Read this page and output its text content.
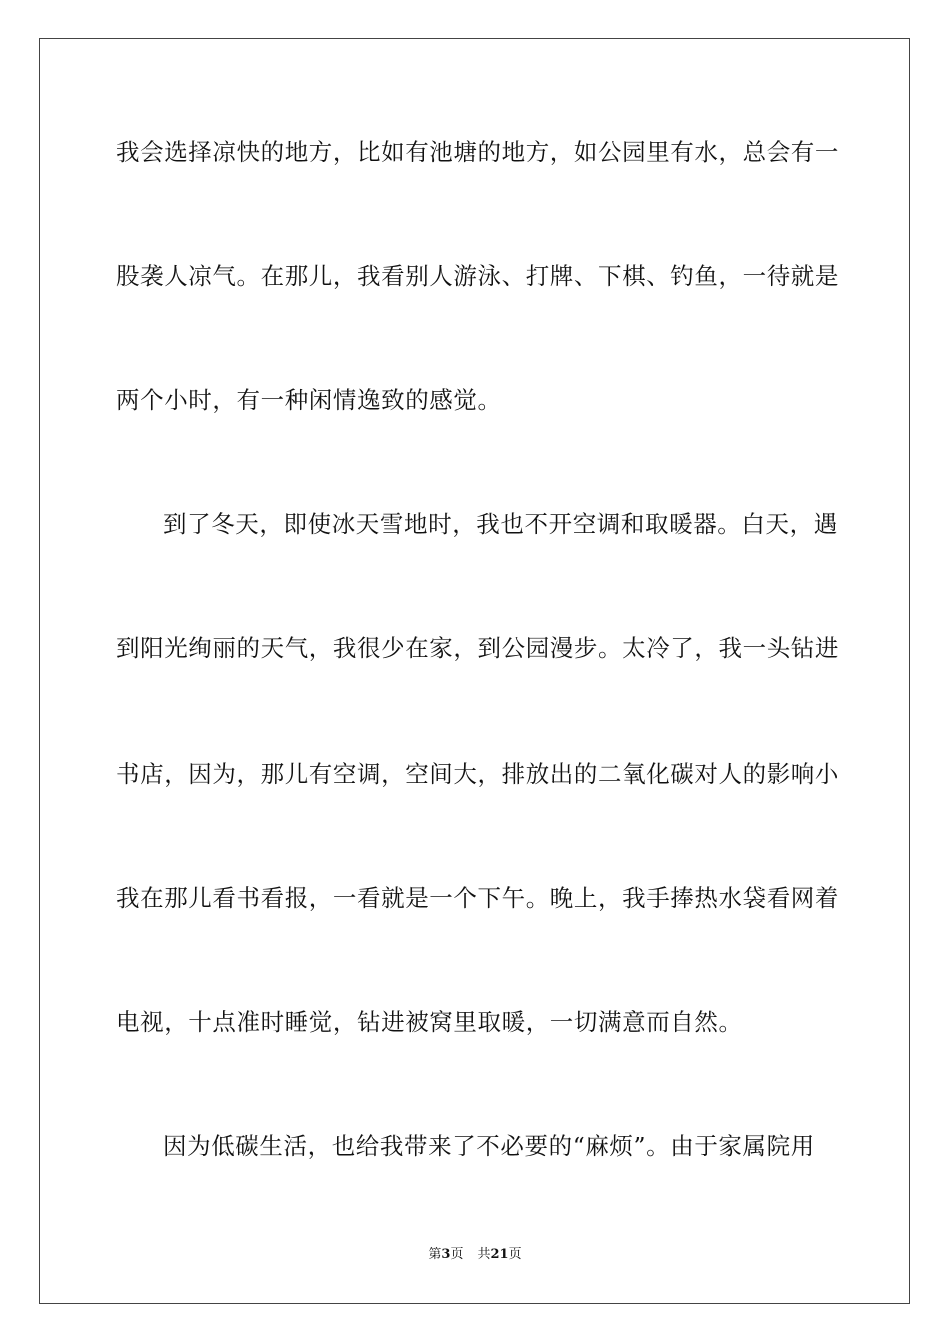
我会选择凉快的地方，比如有池塘的地方，如公园里有水，总会有一
股袭人凉气。在那儿，我看别人游泳、打牌、下棋、钓鱼，一待就是
两个小时，有一种闲情逸致的感觉。
到了冬天，即使冰天雪地时，我也不开空调和取暖器。白天，遇
到阳光绚丽的天气，我很少在家，到公园漫步。太冷了，我一头钻进
书店，因为，那儿有空调，空间大，排放出的二氧化碳对人的影响小
我在那儿看书看报，一看就是一个下午。晚上，我手捧热水袋看网着
电视，十点准时睡觉，钻进被窝里取暖，一切满意而自然。
因为低碳生活，也给我带来了不必要的“麻烦”。由于家属院用
第3页 共21页
